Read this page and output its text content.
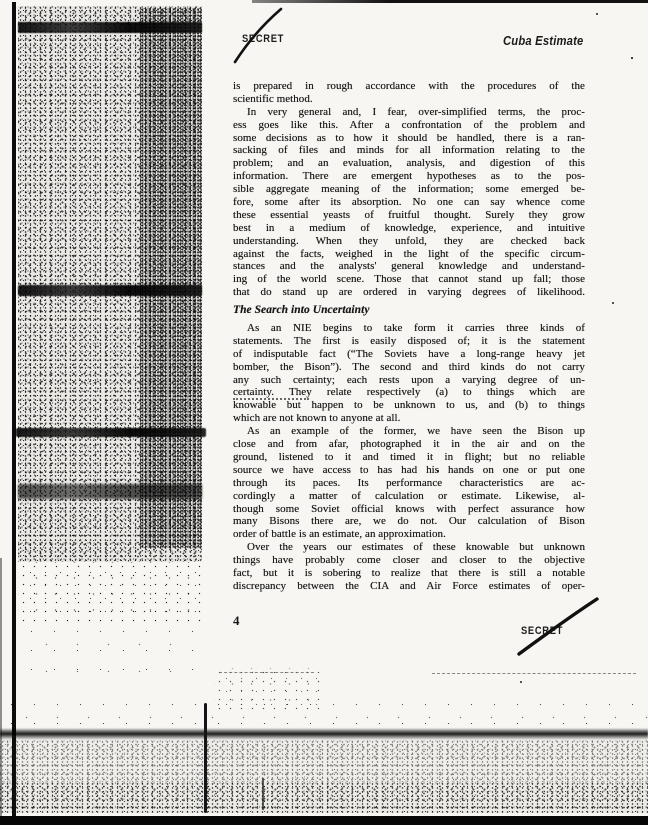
SECRET	Cuba Estimate
is prepared in rough accordance with the procedures of the
scientific method.
In very general and, I fear, over-simplified terms, the proc-
ess goes like this. After a confrontation of the problem and
some decisions as to how it should be handled, there is a ran-
sacking of files and minds for all information relating to the
problem; and an evaluation, analysis, and digestion of this
information. There are emergent hypotheses as to the pos-
sible aggregate meaning of the information; some emerged be-
fore, some after its absorption. No one can say whence come
these essential yeasts of fruitful thought. Surely they grow
best in a medium of knowledge, experience, and intuitive
understanding. When they unfold, they are checked back
against the facts, weighed in the light of the specific circum-
stances and the analysts' general knowledge and understand-
ing of the world scene. Those that cannot stand up fall; those
that do stand up are ordered in varying degrees of likelihood.
The Search into Uncertainty
As an NIE begins to take form it carries three kinds of
statements. The first is easily disposed of; it is the statement
of indisputable fact (“The Soviets have a long-range heavy jet
bomber, the Bison”). The second and third kinds do not carry
any such certainty; each rests upon a varying degree of un-
certainty. They relate respectively (a) to things which are
knowable but happen to be unknown to us, and (b) to things
which are not known to anyone at all.
As an example of the former, we have seen the Bison up
close and from afar, photographed it in the air and on the
ground, listened to it and timed it in flight; but no reliable
source we have access to has had his hands on one or put one
through its paces. Its performance characteristics are ac-
cordingly a matter of calculation or estimate. Likewise, al-
though some Soviet official knows with perfect assurance how
many Bisons there are, we do not. Our calculation of Bison
order of battle is an estimate, an approximation.
Over the years our estimates of these knowable but unknown
things have probably come closer and closer to the objective
fact, but it is sobering to realize that there is still a notable
discrepancy between the CIA and Air Force estimates of oper-
4
SECRET
